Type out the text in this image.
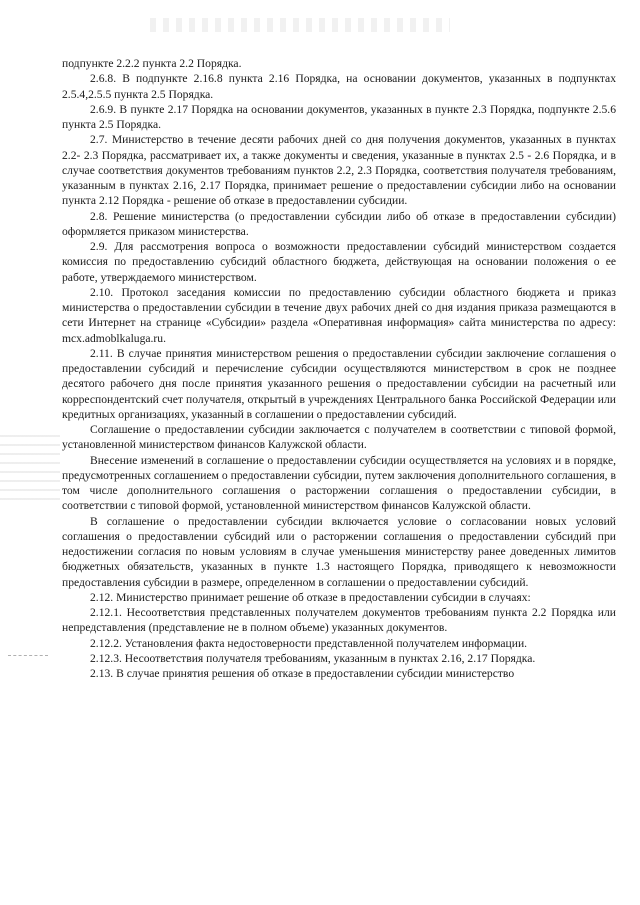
подпункте 2.2.2 пункта 2.2 Порядка.

2.6.8. В подпункте 2.16.8 пункта 2.16 Порядка, на основании документов, указанных в подпунктах 2.5.4,2.5.5 пункта 2.5 Порядка.

2.6.9. В пункте 2.17 Порядка на основании документов, указанных в пункте 2.3 Порядка, подпункте 2.5.6 пункта 2.5 Порядка.

2.7. Министерство в течение десяти рабочих дней со дня получения документов, указанных в пунктах 2.2- 2.3 Порядка, рассматривает их, а также документы и сведения, указанные в пунктах 2.5 - 2.6 Порядка, и в случае соответствия документов требованиям пунктов 2.2, 2.3 Порядка, соответствия получателя требованиям, указанным в пунктах 2.16, 2.17 Порядка, принимает решение о предоставлении субсидии либо на основании пункта 2.12 Порядка - решение об отказе в предоставлении субсидии.

2.8. Решение министерства (о предоставлении субсидии либо об отказе в предоставлении субсидии) оформляется приказом министерства.

2.9. Для рассмотрения вопроса о возможности предоставлении субсидий министерством создается комиссия по предоставлению субсидий областного бюджета, действующая на основании положения о ее работе, утверждаемого министерством.

2.10. Протокол заседания комиссии по предоставлению субсидии областного бюджета и приказ министерства о предоставлении субсидии в течение двух рабочих дней со дня издания приказа размещаются в сети Интернет на странице «Субсидии» раздела «Оперативная информация» сайта министерства по адресу: mcx.admoblkaluga.ru.

2.11. В случае принятия министерством решения о предоставлении субсидии заключение соглашения о предоставлении субсидий и перечисление субсидии осуществляются министерством в срок не позднее десятого рабочего дня после принятия указанного решения о предоставлении субсидии на расчетный или корреспондентский счет получателя, открытый в учреждениях Центрального банка Российской Федерации или кредитных организациях, указанный в соглашении о предоставлении субсидий.

Соглашение о предоставлении субсидии заключается с получателем в соответствии с типовой формой, установленной министерством финансов Калужской области.

Внесение изменений в соглашение о предоставлении субсидии осуществляется на условиях и в порядке, предусмотренных соглашением о предоставлении субсидии, путем заключения дополнительного соглашения, в том числе дополнительного соглашения о расторжении соглашения о предоставлении субсидии, в соответствии с типовой формой, установленной министерством финансов Калужской области.

В соглашение о предоставлении субсидии включается условие о согласовании новых условий соглашения о предоставлении субсидий или о расторжении соглашения о предоставлении субсидий при недостижении согласия по новым условиям в случае уменьшения министерству ранее доведенных лимитов бюджетных обязательств, указанных в пункте 1.3 настоящего Порядка, приводящего к невозможности предоставления субсидии в размере, определенном в соглашении о предоставлении субсидий.

2.12. Министерство принимает решение об отказе в предоставлении субсидии в случаях:

2.12.1. Несоответствия представленных получателем документов требованиям пункта 2.2 Порядка или непредставления (представление не в полном объеме) указанных документов.

2.12.2. Установления факта недостоверности представленной получателем информации.

2.12.3. Несоответствия получателя требованиям, указанным в пунктах 2.16, 2.17 Порядка.

2.13. В случае принятия решения об отказе в предоставлении субсидии министерство
